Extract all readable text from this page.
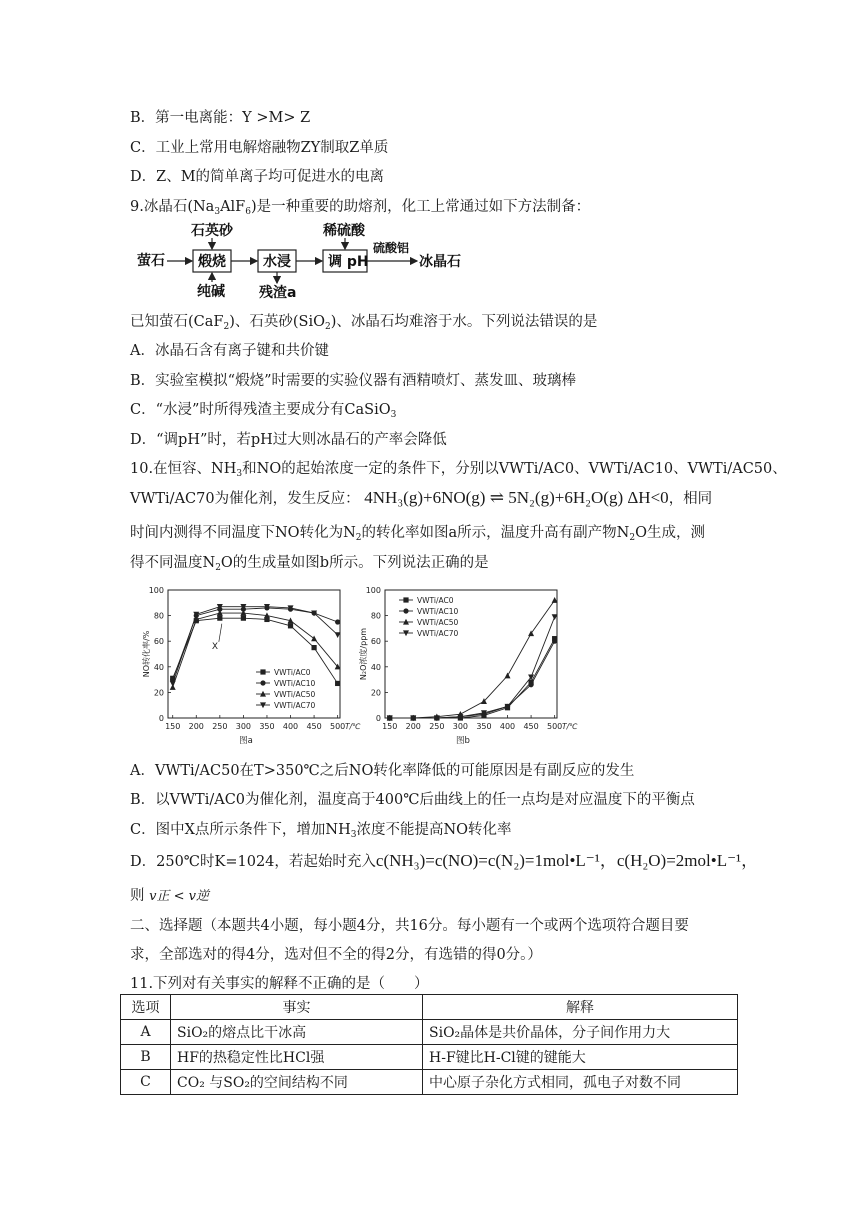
B．第一电离能：Y >M> Z
C．工业上常用电解熔融物ZY制取Z单质
D．Z、M的简单离子均可促进水的电离
9.冰晶石$(Na_3AlF_6)$是一种重要的助熔剂，化工上常通过如下方法制备：
萤石 煅烧
石英砂
纯碱
水浸
残渣a
调 pH
稀硫酸
硫酸铝
冰晶石
已知萤石(CaF$_2$)、石英砂(SiO$_2$)、冰晶石均难溶于水。下列说法错误的是
A．冰晶石含有离子键和共价键
B．实验室模拟“煅烧”时需要的实验仪器有酒精喷灯、蒸发皿、玻璃棒
C．“水浸”时所得残渣主要成分有CaSiO$_3$
D．“调pH”时，若pH过大则冰晶石的产率会降低
10.在恒容、$NH_3$和NO的起始浓度一定的条件下，分别以VWTi/AC0、VWTi/AC10、VWTi/AC50、
VWTi/AC70为催化剂，发生反应： 4NH₃(g)+6NO(g) ⇌ 5N₂(g)+6H₂O(g) ΔH<0，相同
时间内测得不同温度下NO转化为$N_2$的转化率如图a所示，温度升高有副产物$N_2O$生成，测
得不同温度$N_2O$的生成量如图b所示。下列说法正确的是
0
20
40
60
80
100
150 200 250 300 350 400 450 500 T/℃
NO转化率/%
图a
VWTi/AC0
VWTi/AC10
VWTi/AC50
VWTi/AC70
X
0
20
40
60
80
100
150 200 250 300 350 400 450 500 T/℃
N₂O浓度/ppm
图b
VWTi/AC0
VWTi/AC10
VWTi/AC50
VWTi/AC70
A．VWTi/AC50在T>350℃之后NO转化率降低的可能原因是有副反应的发生
B．以VWTi/AC0为催化剂，温度高于400℃后曲线上的任一点均是对应温度下的平衡点
C．图中X点所示条件下，增加$NH_3$浓度不能提高NO转化率
D．250℃时K=1024，若起始时充入c(NH₃)=c(NO)=c(N₂)=1mol•L⁻¹，c(H₂O)=2mol•L⁻¹，
则 v正 < v逆
二、选择题（本题共4小题，每小题4分，共16分。每小题有一个或两个选项符合题目要
求，全部选对的得4分，选对但不全的得2分，有选错的得0分。）
11.下列对有关事实的解释不正确的是（　　）
选项	事实	解释
A	SiO₂的熔点比干冰高	SiO₂晶体是共价晶体，分子间作用力大
B	HF的热稳定性比HCl强	H-F键比H-Cl键的键能大
C	CO₂ 与SO₂的空间结构不同	中心原子杂化方式相同，孤电子对数不同
